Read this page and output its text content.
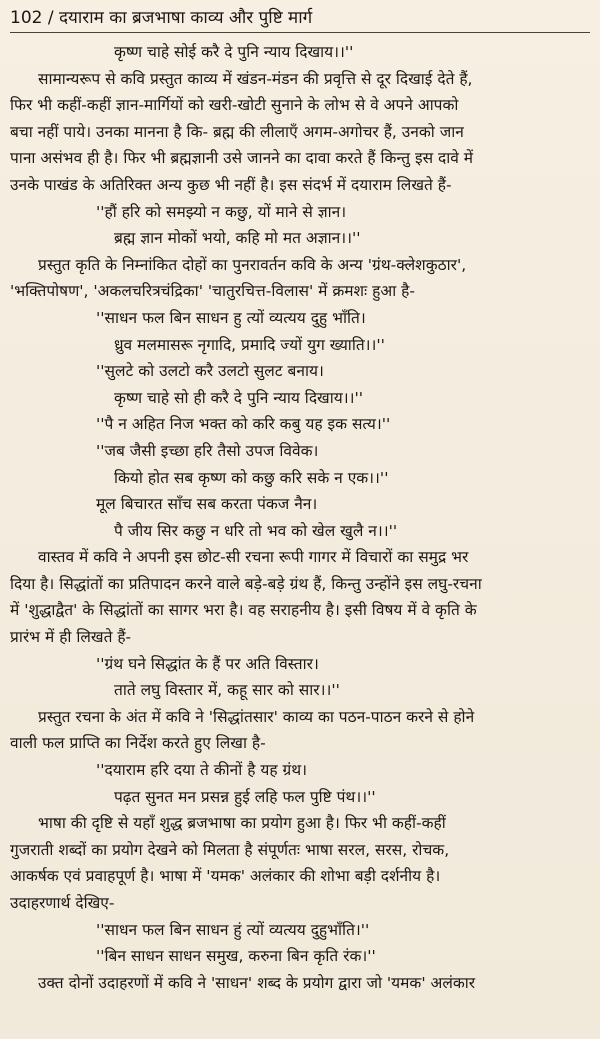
102 / दयाराम का ब्रजभाषा काव्य और पुष्टि मार्ग
कृष्ण चाहे सोई करै दे पुनि न्याय दिखाय।।''
सामान्यरूप से कवि प्रस्तुत काव्य में खंडन-मंडन की प्रवृत्ति से दूर दिखाई देते हैं,
फिर भी कहीं-कहीं ज्ञान-मार्गियों को खरी-खोटी सुनाने के लोभ से वे अपने आपको
बचा नहीं पाये। उनका मानना है कि- ब्रह्म की लीलाएँ अगम-अगोचर हैं, उनको जान
पाना असंभव ही है। फिर भी ब्रह्मज्ञानी उसे जानने का दावा करते हैं किन्तु इस दावे में
उनके पाखंड के अतिरिक्त अन्य कुछ भी नहीं है। इस संदर्भ में दयाराम लिखते हैं-
''हौं हरि को समझ्यो न कछु, यों माने से ज्ञान।
ब्रह्म ज्ञान मोकों भयो, कहि मो मत अज्ञान।।''
प्रस्तुत कृति के निम्नांकित दोहों का पुनरावर्तन कवि के अन्य 'ग्रंथ-क्लेशकुठार',
'भक्तिपोषण', 'अकलचरित्रचंद्रिका' 'चातुरचित्त-विलास' में क्रमशः हुआ है-
''साधन फल बिन साधन हु त्यों व्यत्यय दुहु भाँति।
ध्रुव मलमासरू नृगादि, प्रमादि ज्यों युग ख्याति।।''
''सुलटे को उलटो करै उलटो सुलट बनाय।
कृष्ण चाहे सो ही करै दे पुनि न्याय दिखाय।।''
''पै न अहित निज भक्त को करि कबु यह इक सत्य।''
''जब जैसी इच्छा हरि तैसो उपज विवेक।
कियो होत सब कृष्ण को कछु करि सके न एक।।''
मूल बिचारत साँच सब करता पंकज नैन।
पै जीय सिर कछु न धरि तो भव को खेल खुलै न।।''
वास्तव में कवि ने अपनी इस छोट-सी रचना रूपी गागर में विचारों का समुद्र भर
दिया है। सिद्धांतों का प्रतिपादन करने वाले बड़े-बड़े ग्रंथ हैं, किन्तु उन्होंने इस लघु-रचना
में 'शुद्धाद्वैत' के सिद्धांतों का सागर भरा है। वह सराहनीय है। इसी विषय में वे कृति के
प्रारंभ में ही लिखते हैं-
''ग्रंथ घने सिद्धांत के हैं पर अति विस्तार।
ताते लघु विस्तार में, कहू सार को सार।।''
प्रस्तुत रचना के अंत में कवि ने 'सिद्धांतसार' काव्य का पठन-पाठन करने से होने
वाली फल प्राप्ति का निर्देश करते हुए लिखा है-
''दयाराम हरि दया ते कीनों है यह ग्रंथ।
पढ़त सुनत मन प्रसन्न हुई लहि फल पुष्टि पंथ।।''
भाषा की दृष्टि से यहाँ शुद्ध ब्रजभाषा का प्रयोग हुआ है। फिर भी कहीं-कहीं
गुजराती शब्दों का प्रयोग देखने को मिलता है संपूर्णतः भाषा सरल, सरस, रोचक,
आकर्षक एवं प्रवाहपूर्ण है। भाषा में 'यमक' अलंकार की शोभा बड़ी दर्शनीय है।
उदाहरणार्थ देखिए-
''साधन फल बिन साधन हुं त्यों व्यत्यय दुहुभाँति।''
''बिन साधन साधन समुख, करुना बिन कृति रंक।''
उक्त दोनों उदाहरणों में कवि ने 'साधन' शब्द के प्रयोग द्वारा जो 'यमक' अलंकार
